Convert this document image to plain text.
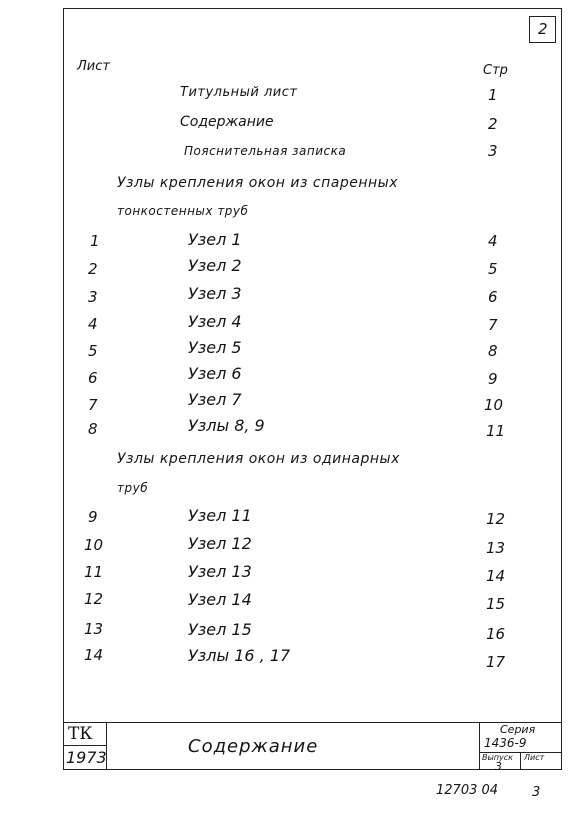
2
Лист	Стр
Титульный лист	1
Содержание	2
Пояснительная записка	3
Узлы крепления окон из спаренных
тонкостенных труб
1	Узел 1	4
2	Узел 2	5
3	Узел 3	6
4	Узел 4	7
5	Узел 5	8
6	Узел 6	9
7	Узел 7	10
8	Узлы 8, 9	11
Узлы крепления окон из одинарных
труб
9	Узел 11	12
10	Узел 12	13
11	Узел 13	14
12	Узел 14	15
13	Узел 15	16
14	Узлы 16 , 17	17
ТК
1973
Содержание
Серия
1436-9
Выпуск Лист
3
12703 04	3
